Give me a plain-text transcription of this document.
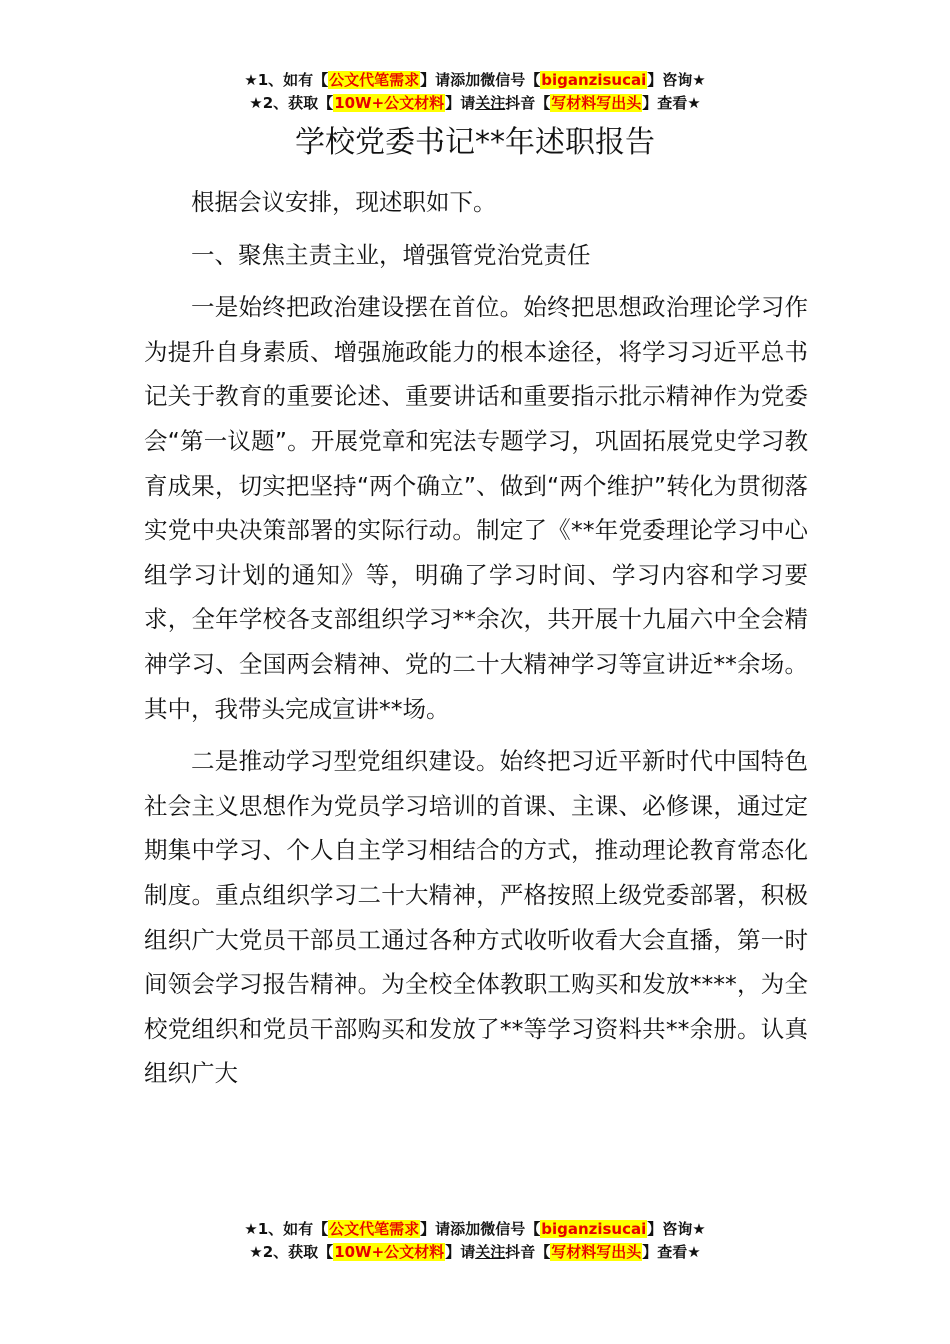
★1、如有【公文代笔需求】请添加微信号【biganzisucai】咨询★
★2、获取【10W+公文材料】请关注抖音【写材料写出头】查看★
学校党委书记**年述职报告

根据会议安排，现述职如下。

一、聚焦主责主业，增强管党治党责任

一是始终把政治建设摆在首位。始终把思想政治理论学习作为提升自身素质、增强施政能力的根本途径，将学习习近平总书记关于教育的重要论述、重要讲话和重要指示批示精神作为党委会“第一议题”。开展党章和宪法专题学习，巩固拓展党史学习教育成果，切实把坚持“两个确立”、做到“两个维护”转化为贯彻落实党中央决策部署的实际行动。制定了《**年党委理论学习中心组学习计划的通知》等，明确了学习时间、学习内容和学习要求，全年学校各支部组织学习**余次，共开展十九届六中全会精神学习、全国两会精神、党的二十大精神学习等宣讲近**余场。其中，我带头完成宣讲**场。

二是推动学习型党组织建设。始终把习近平新时代中国特色社会主义思想作为党员学习培训的首课、主课、必修课，通过定期集中学习、个人自主学习相结合的方式，推动理论教育常态化制度。重点组织学习二十大精神，严格按照上级党委部署，积极组织广大党员干部员工通过各种方式收听收看大会直播，第一时间领会学习报告精神。为全校全体教职工购买和发放****，为全校党组织和党员干部购买和发放了**等学习资料共**余册。认真组织广大

★1、如有【公文代笔需求】请添加微信号【biganzisucai】咨询★
★2、获取【10W+公文材料】请关注抖音【写材料写出头】查看★
